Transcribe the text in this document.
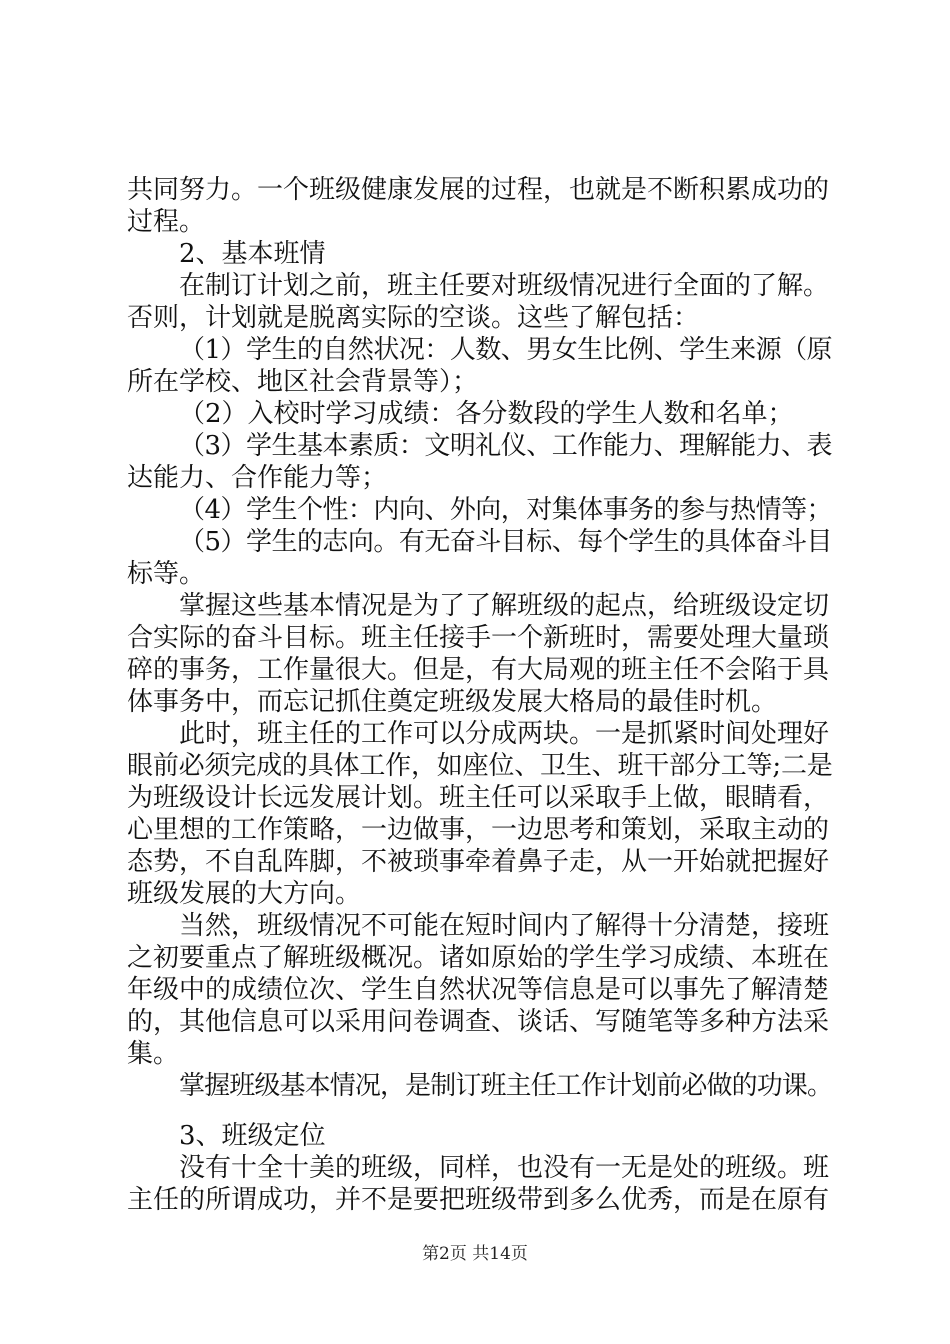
共同努力。一个班级健康发展的过程，也就是不断积累成功的
过程。
2、基本班情
在制订计划之前，班主任要对班级情况进行全面的了解。
否则，计划就是脱离实际的空谈。这些了解包括：
（1）学生的自然状况：人数、男女生比例、学生来源（原
所在学校、地区社会背景等）；
（2）入校时学习成绩：各分数段的学生人数和名单；
（3）学生基本素质：文明礼仪、工作能力、理解能力、表
达能力、合作能力等；
（4）学生个性：内向、外向，对集体事务的参与热情等；
（5）学生的志向。有无奋斗目标、每个学生的具体奋斗目
标等。
掌握这些基本情况是为了了解班级的起点，给班级设定切
合实际的奋斗目标。班主任接手一个新班时，需要处理大量琐
碎的事务，工作量很大。但是，有大局观的班主任不会陷于具
体事务中，而忘记抓住奠定班级发展大格局的最佳时机。
此时，班主任的工作可以分成两块。一是抓紧时间处理好
眼前必须完成的具体工作，如座位、卫生、班干部分工等;二是
为班级设计长远发展计划。班主任可以采取手上做，眼睛看，
心里想的工作策略，一边做事，一边思考和策划，采取主动的
态势，不自乱阵脚，不被琐事牵着鼻子走，从一开始就把握好
班级发展的大方向。
当然，班级情况不可能在短时间内了解得十分清楚，接班
之初要重点了解班级概况。诸如原始的学生学习成绩、本班在
年级中的成绩位次、学生自然状况等信息是可以事先了解清楚
的，其他信息可以采用问卷调查、谈话、写随笔等多种方法采
集。
掌握班级基本情况，是制订班主任工作计划前必做的功课。
3、班级定位
没有十全十美的班级，同样，也没有一无是处的班级。班
主任的所谓成功，并不是要把班级带到多么优秀，而是在原有
第2页 共14页
